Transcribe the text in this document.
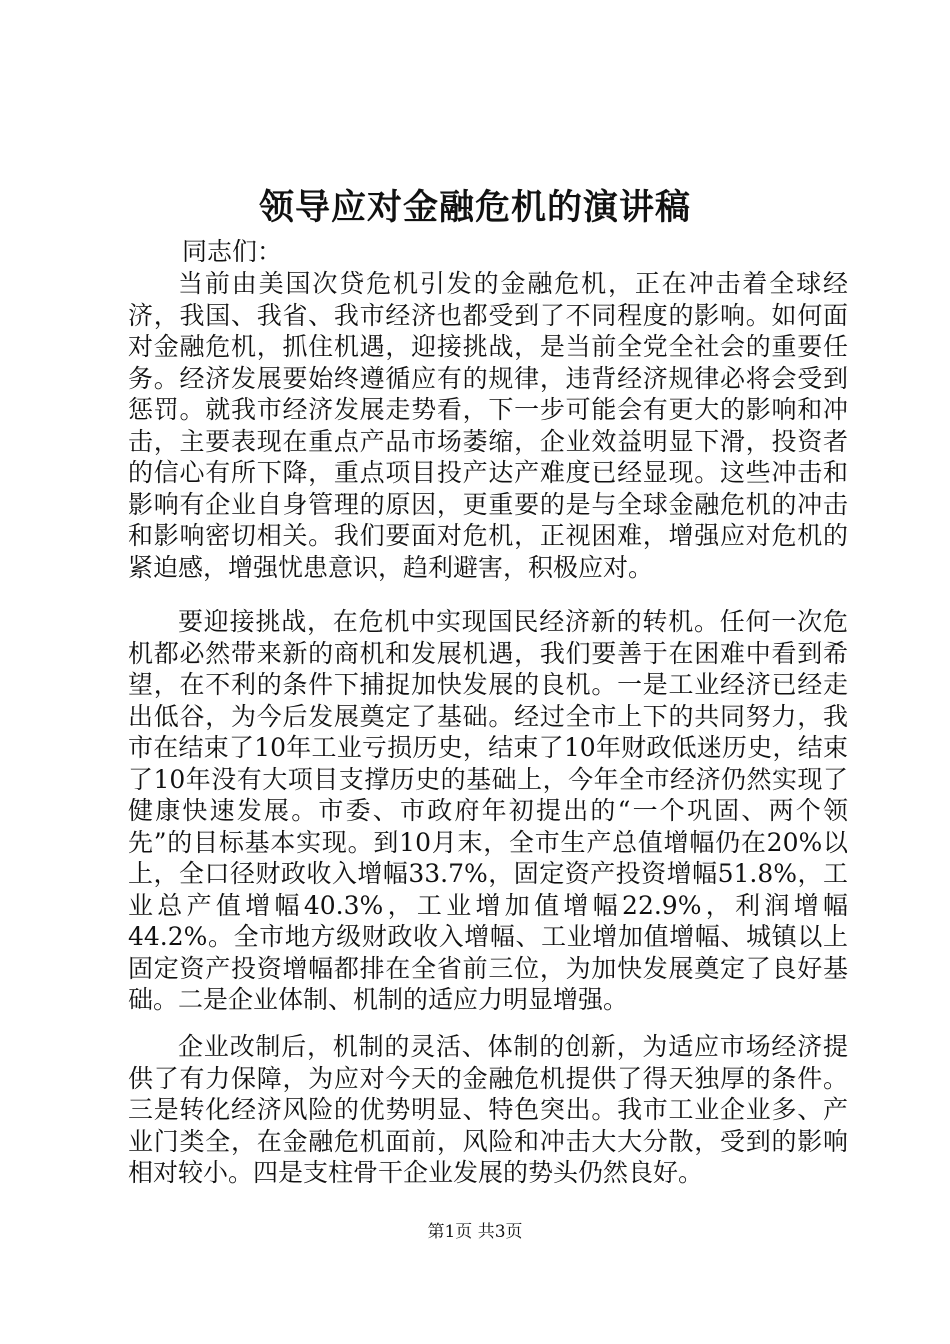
领导应对金融危机的演讲稿

同志们：

当前由美国次贷危机引发的金融危机，正在冲击着全球经济，我国、我省、我市经济也都受到了不同程度的影响。如何面对金融危机，抓住机遇，迎接挑战，是当前全党全社会的重要任务。经济发展要始终遵循应有的规律，违背经济规律必将会受到惩罚。就我市经济发展走势看，下一步可能会有更大的影响和冲击，主要表现在重点产品市场萎缩，企业效益明显下滑，投资者的信心有所下降，重点项目投产达产难度已经显现。这些冲击和影响有企业自身管理的原因，更重要的是与全球金融危机的冲击和影响密切相关。我们要面对危机，正视困难，增强应对危机的紧迫感，增强忧患意识，趋利避害，积极应对。

要迎接挑战，在危机中实现国民经济新的转机。任何一次危机都必然带来新的商机和发展机遇，我们要善于在困难中看到希望，在不利的条件下捕捉加快发展的良机。一是工业经济已经走出低谷，为今后发展奠定了基础。经过全市上下的共同努力，我市在结束了10年工业亏损历史，结束了10年财政低迷历史，结束了10年没有大项目支撑历史的基础上，今年全市经济仍然实现了健康快速发展。市委、市政府年初提出的“一个巩固、两个领先”的目标基本实现。到10月末，全市生产总值增幅仍在20%以上，全口径财政收入增幅33.7%，固定资产投资增幅51.8%，工业总产值增幅40.3%，工业增加值增幅22.9%，利润增幅44.2%。全市地方级财政收入增幅、工业增加值增幅、城镇以上固定资产投资增幅都排在全省前三位，为加快发展奠定了良好基础。二是企业体制、机制的适应力明显增强。

企业改制后，机制的灵活、体制的创新，为适应市场经济提供了有力保障，为应对今天的金融危机提供了得天独厚的条件。三是转化经济风险的优势明显、特色突出。我市工业企业多、产业门类全，在金融危机面前，风险和冲击大大分散，受到的影响相对较小。四是支柱骨干企业发展的势头仍然良好。

第1页 共3页
